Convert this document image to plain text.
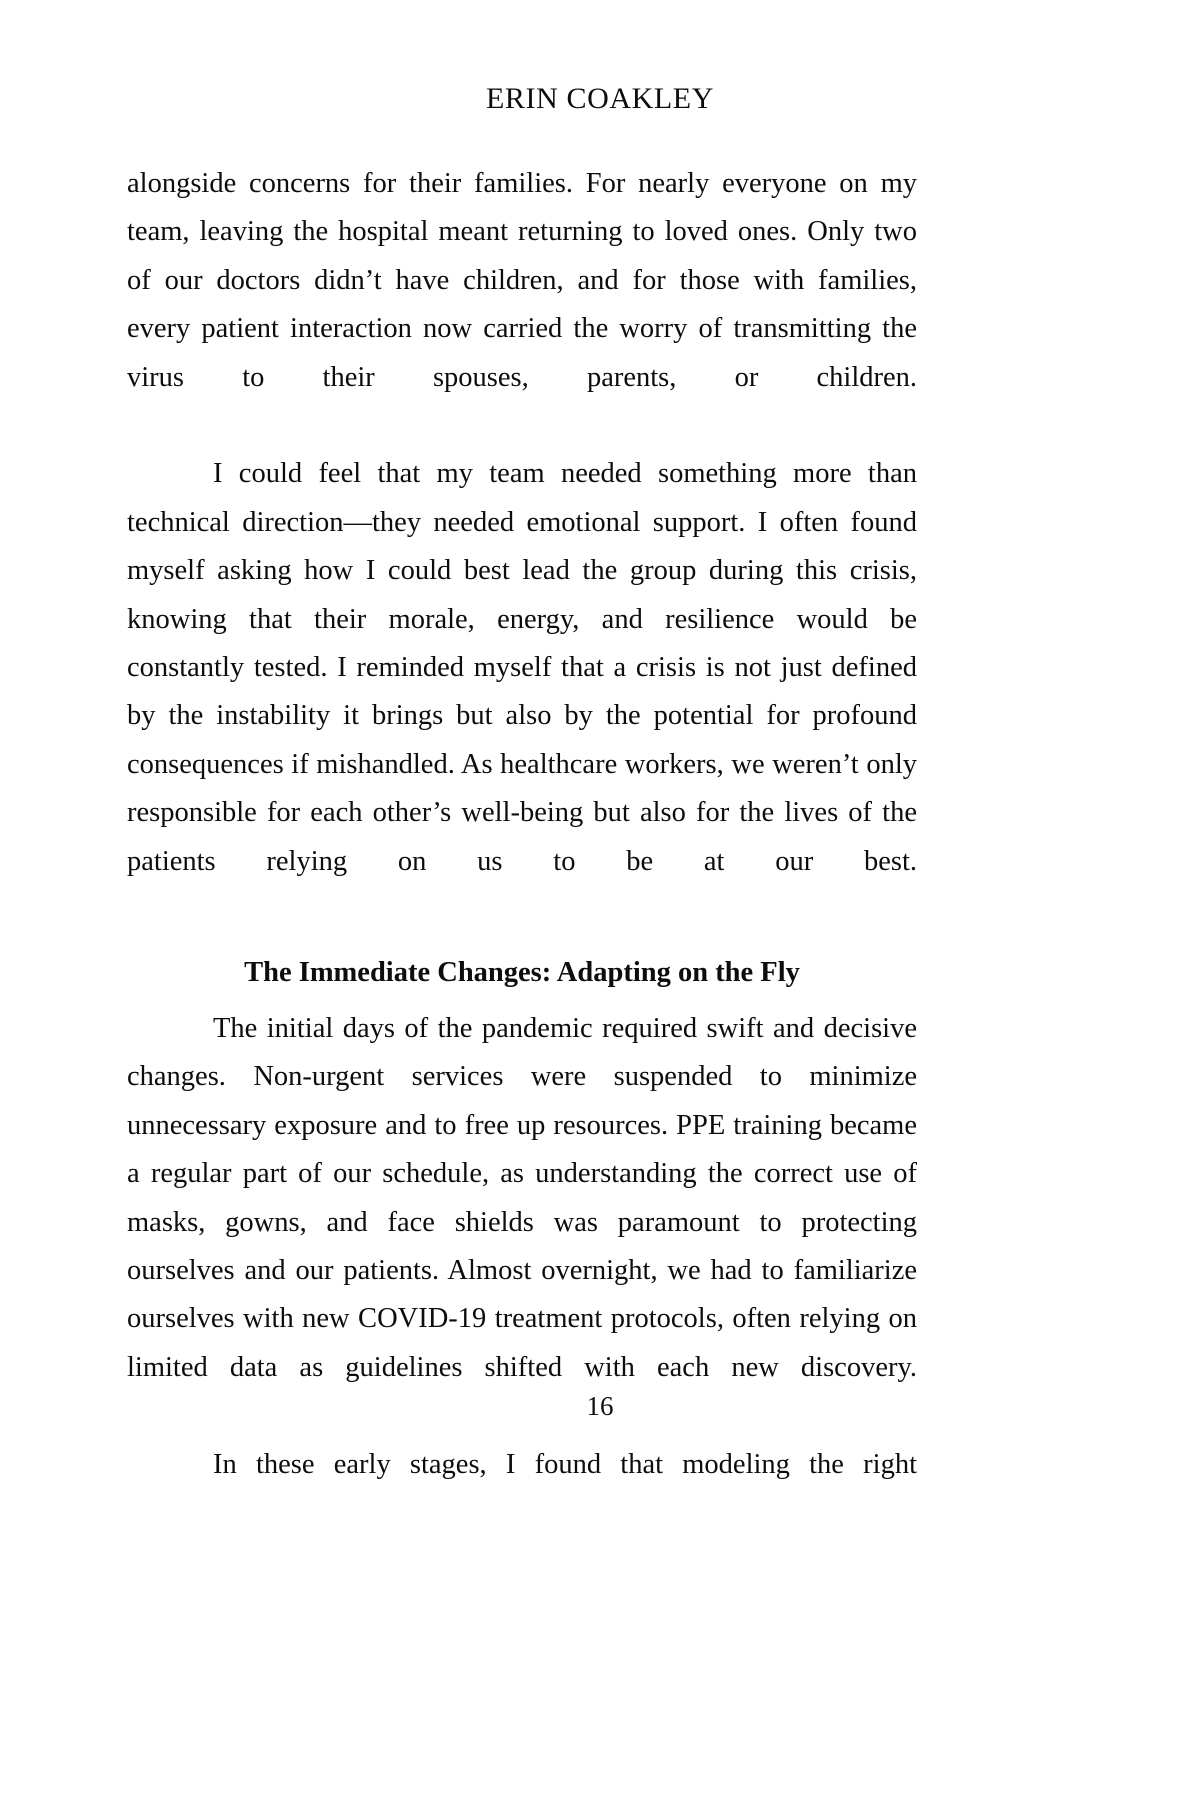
ERIN COAKLEY

alongside concerns for their families. For nearly everyone on my team, leaving the hospital meant returning to loved ones. Only two of our doctors didn’t have children, and for those with families, every patient interaction now carried the worry of transmitting the virus to their spouses, parents, or children.

I could feel that my team needed something more than technical direction—they needed emotional support. I often found myself asking how I could best lead the group during this crisis, knowing that their morale, energy, and resilience would be constantly tested. I reminded myself that a crisis is not just defined by the instability it brings but also by the potential for profound consequences if mishandled. As healthcare workers, we weren’t only responsible for each other’s well-being but also for the lives of the patients relying on us to be at our best.

The Immediate Changes: Adapting on the Fly

The initial days of the pandemic required swift and decisive changes. Non-urgent services were suspended to minimize unnecessary exposure and to free up resources. PPE training became a regular part of our schedule, as understanding the correct use of masks, gowns, and face shields was paramount to protecting ourselves and our patients. Almost overnight, we had to familiarize ourselves with new COVID-19 treatment protocols, often relying on limited data as guidelines shifted with each new discovery.

In these early stages, I found that modeling the right

16
